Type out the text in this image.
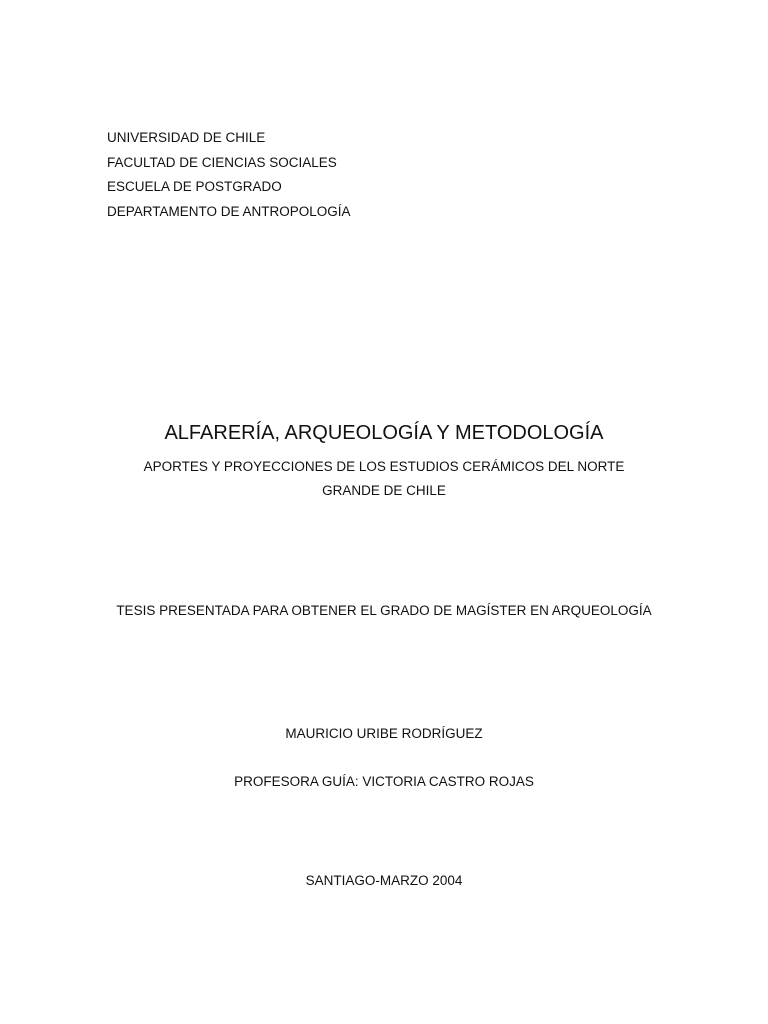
UNIVERSIDAD DE CHILE
FACULTAD DE CIENCIAS SOCIALES
ESCUELA DE POSTGRADO
DEPARTAMENTO DE ANTROPOLOGÍA
ALFARERÍA, ARQUEOLOGÍA Y METODOLOGÍA
APORTES Y PROYECCIONES DE LOS ESTUDIOS CERÁMICOS DEL NORTE GRANDE DE CHILE
TESIS PRESENTADA PARA OBTENER EL GRADO DE MAGÍSTER EN ARQUEOLOGÍA
MAURICIO URIBE RODRÍGUEZ
PROFESORA GUÍA: VICTORIA CASTRO ROJAS
SANTIAGO-MARZO 2004
